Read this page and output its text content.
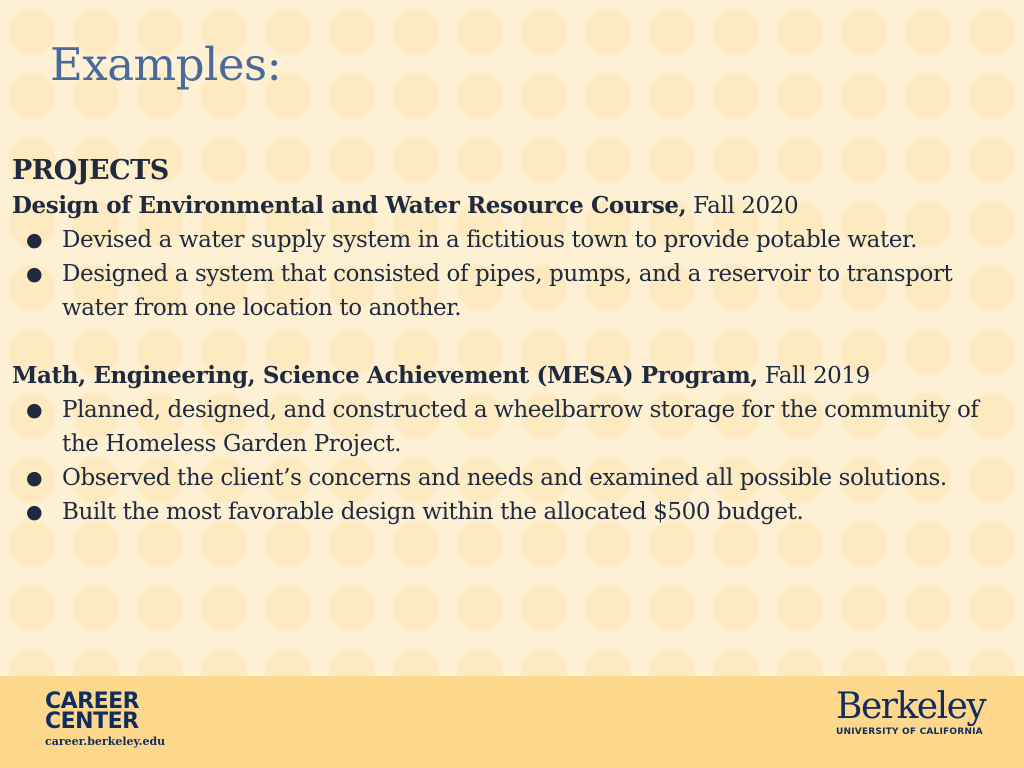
Examples:
PROJECTS
Design of Environmental and Water Resource Course, Fall 2020
● Devised a water supply system in a fictitious town to provide potable water.
● Designed a system that consisted of pipes, pumps, and a reservoir to transport water from one location to another.
Math, Engineering, Science Achievement (MESA) Program, Fall 2019
● Planned, designed, and constructed a wheelbarrow storage for the community of the Homeless Garden Project.
● Observed the client’s concerns and needs and examined all possible solutions.
● Built the most favorable design within the allocated $500 budget.
CAREER
CENTER
career.berkeley.edu
Berkeley
UNIVERSITY OF CALIFORNIA
